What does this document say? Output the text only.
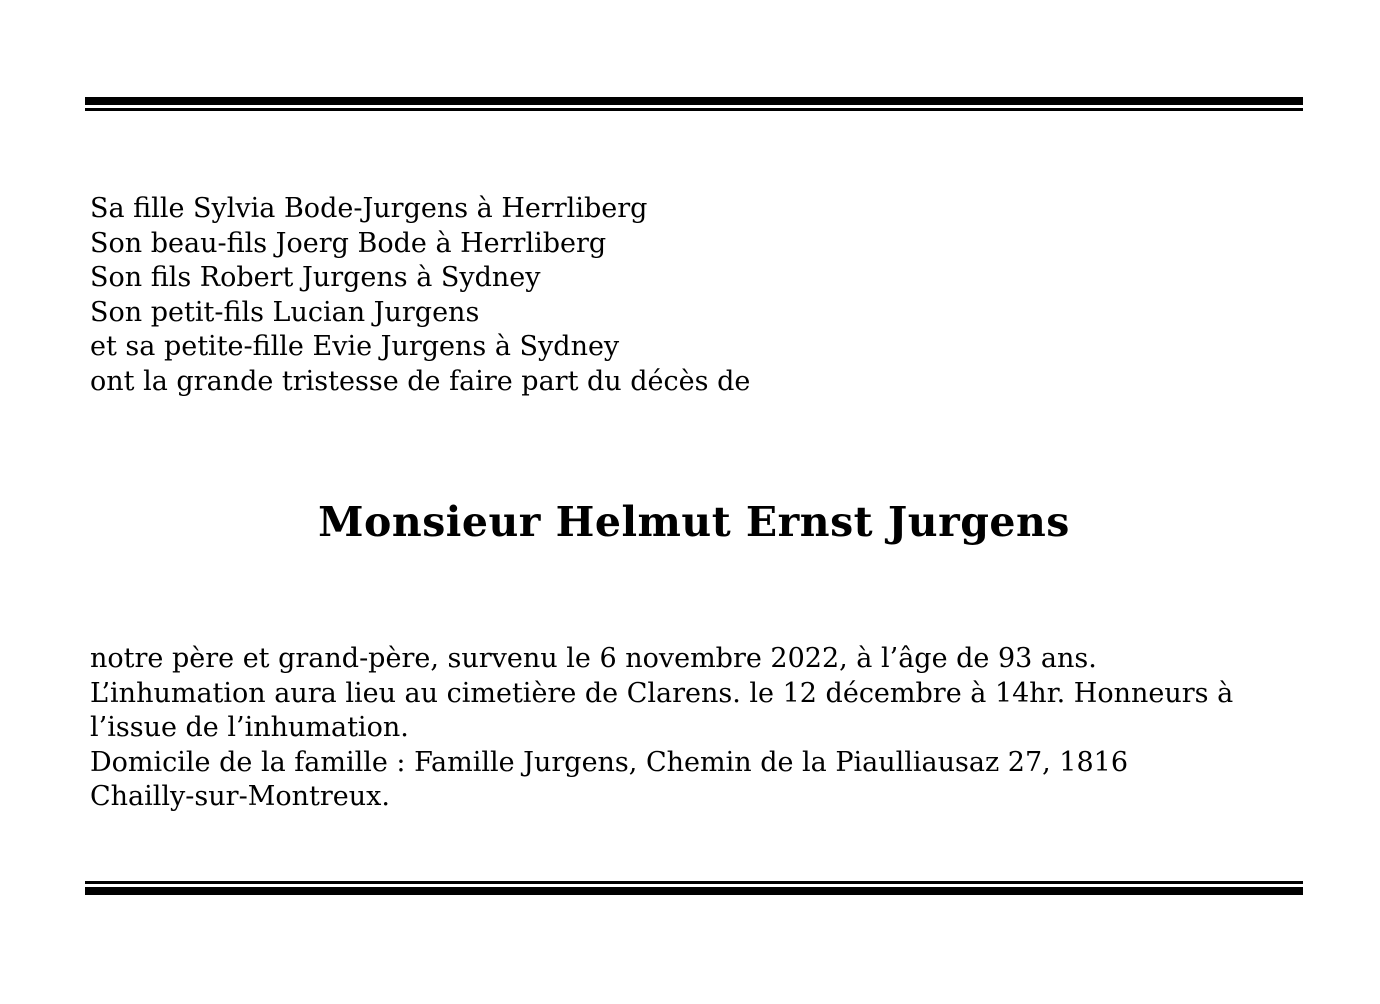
Sa fille Sylvia Bode-Jurgens à Herrliberg
Son beau-fils Joerg Bode à Herrliberg
Son fils Robert Jurgens à Sydney
Son petit-fils Lucian Jurgens
et sa petite-fille Evie Jurgens à Sydney
ont la grande tristesse de faire part du décès de
Monsieur Helmut Ernst Jurgens
notre père et grand-père, survenu le 6 novembre 2022, à l’âge de 93 ans.
L’inhumation aura lieu au cimetière de Clarens. le 12 décembre à 14hr. Honneurs à
l’issue de l’inhumation.
Domicile de la famille : Famille Jurgens, Chemin de la Piaulliausaz 27, 1816
Chailly-sur-Montreux.
